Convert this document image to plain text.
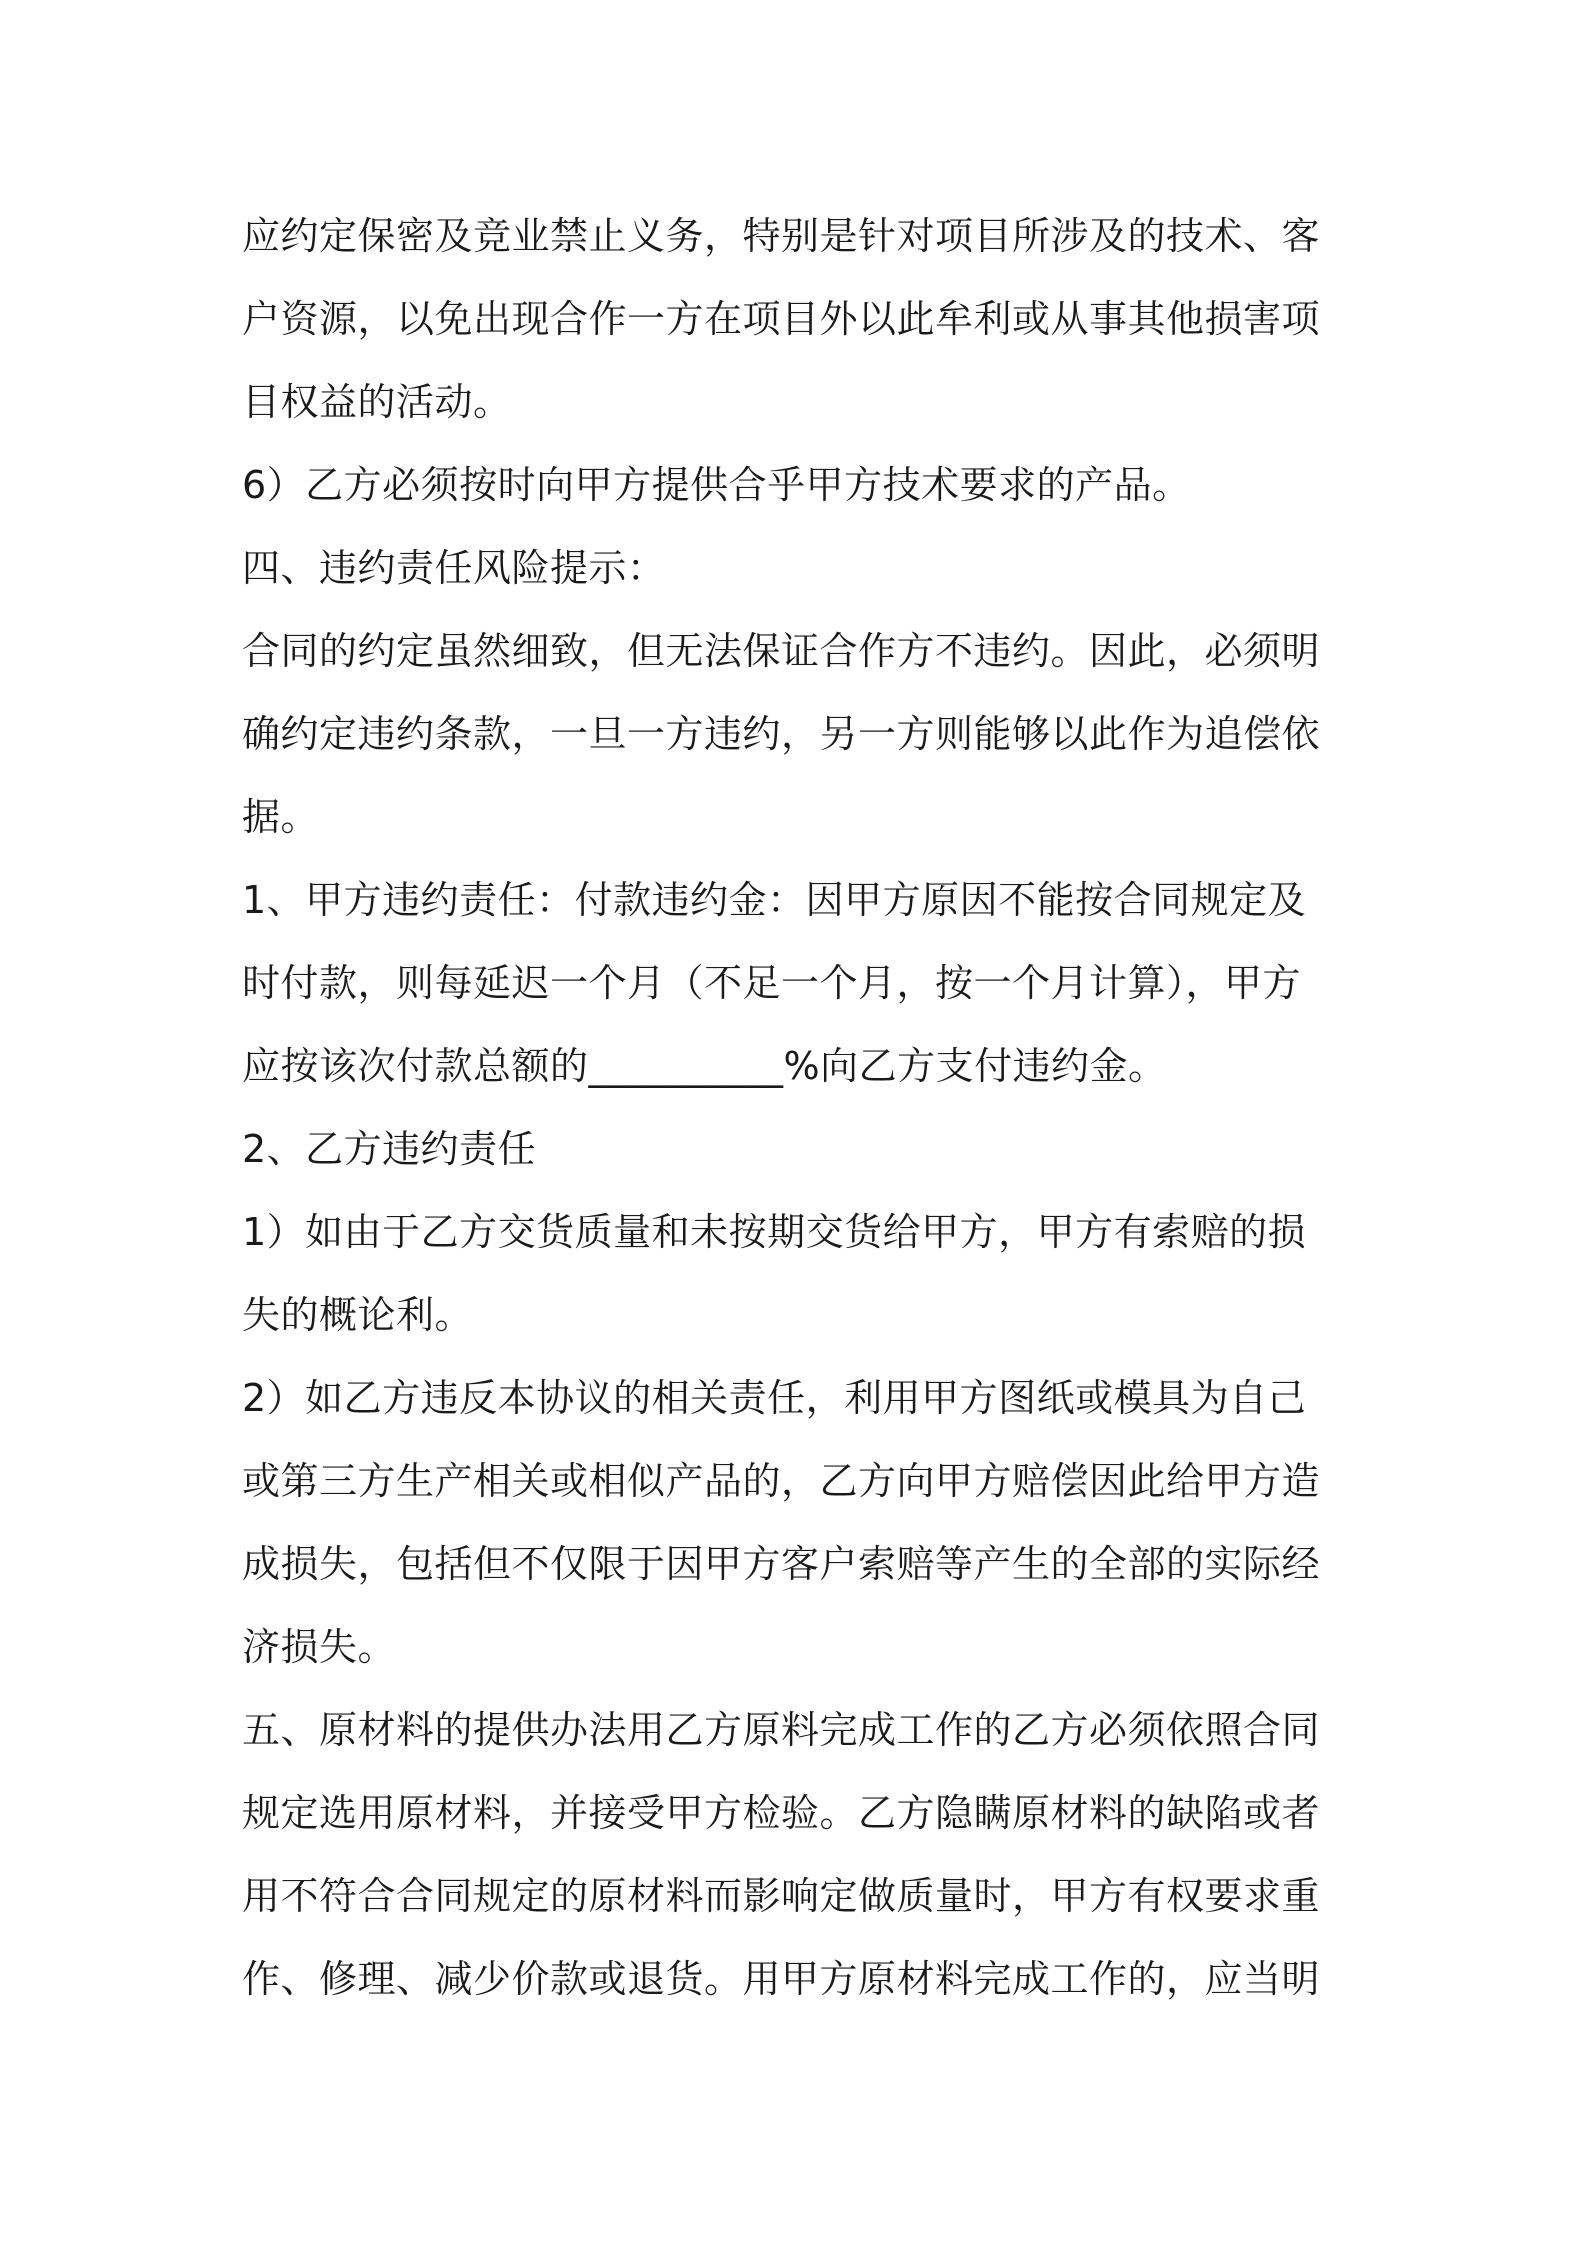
应约定保密及竞业禁止义务，特别是针对项目所涉及的技术、客
户资源，以免出现合作一方在项目外以此牟利或从事其他损害项
目权益的活动。
6）乙方必须按时向甲方提供合乎甲方技术要求的产品。
四、违约责任风险提示：
合同的约定虽然细致，但无法保证合作方不违约。因此，必须明
确约定违约条款，一旦一方违约，另一方则能够以此作为追偿依
据。
1、甲方违约责任：付款违约金：因甲方原因不能按合同规定及
时付款，则每延迟一个月（不足一个月，按一个月计算），甲方
应按该次付款总额的__________%向乙方支付违约金。
2、乙方违约责任
1）如由于乙方交货质量和未按期交货给甲方，甲方有索赔的损
失的概论利。
2）如乙方违反本协议的相关责任，利用甲方图纸或模具为自己
或第三方生产相关或相似产品的，乙方向甲方赔偿因此给甲方造
成损失，包括但不仅限于因甲方客户索赔等产生的全部的实际经
济损失。
五、原材料的提供办法用乙方原料完成工作的乙方必须依照合同
规定选用原材料，并接受甲方检验。乙方隐瞒原材料的缺陷或者
用不符合合同规定的原材料而影响定做质量时，甲方有权要求重
作、修理、减少价款或退货。用甲方原材料完成工作的，应当明
